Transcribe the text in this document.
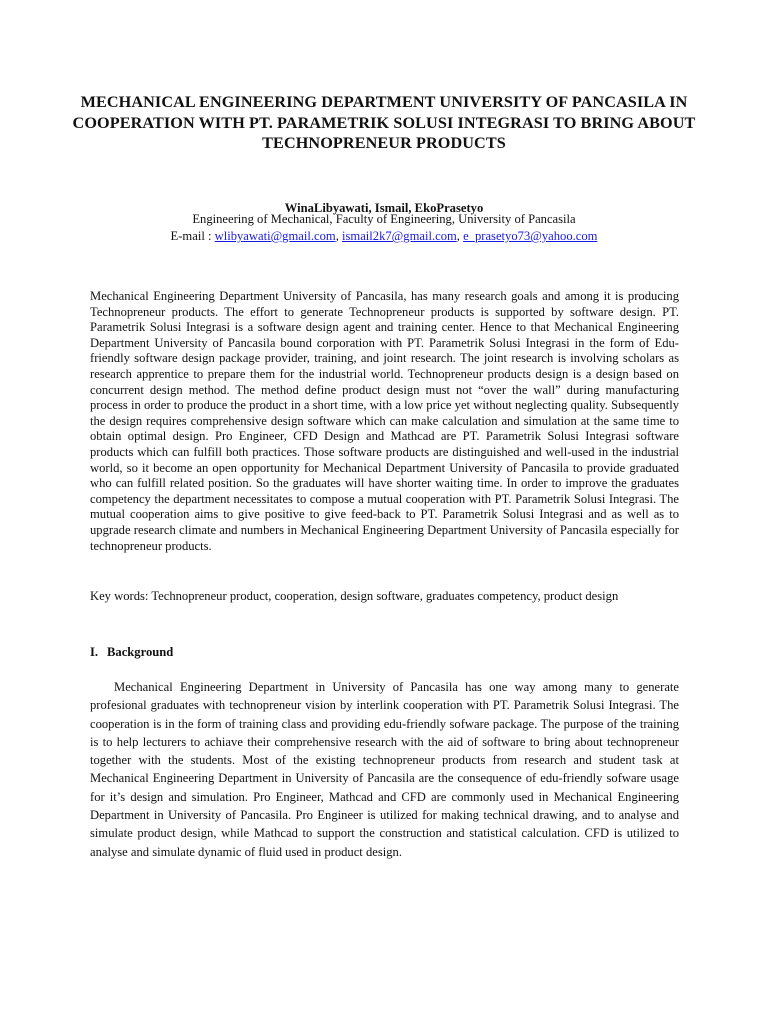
MECHANICAL ENGINEERING DEPARTMENT UNIVERSITY OF PANCASILA IN COOPERATION WITH PT. PARAMETRIK SOLUSI INTEGRASI TO BRING ABOUT TECHNOPRENEUR PRODUCTS

WinaLibyawati, Ismail, EkoPrasetyo

Engineering of Mechanical, Faculty of Engineering, University of Pancasila

E-mail : wlibyawati@gmail.com, ismail2k7@gmail.com, e_prasetyo73@yahoo.com

Mechanical Engineering Department University of Pancasila, has many research goals and among it is producing Technopreneur products. The effort to generate Technopreneur products is supported by software design. PT. Parametrik Solusi Integrasi is a software design agent and training center. Hence to that Mechanical Engineering Department University of Pancasila bound corporation with PT. Parametrik Solusi Integrasi in the form of Edu-friendly software design package provider, training, and joint research. The joint research is involving scholars as research apprentice to prepare them for the industrial world. Technopreneur products design is a design based on concurrent design method. The method define product design must not “over the wall” during manufacturing process in order to produce the product in a short time, with a low price yet without neglecting quality. Subsequently the design requires comprehensive design software which can make calculation and simulation at the same time to obtain optimal design. Pro Engineer, CFD Design and Mathcad are PT. Parametrik Solusi Integrasi software products which can fulfill both practices. Those software products are distinguished and well-used in the industrial world, so it become an open opportunity for Mechanical Department University of Pancasila to provide graduated who can fulfill related position. So the graduates will have shorter waiting time. In order to improve the graduates competency the department necessitates to compose a mutual cooperation with PT. Parametrik Solusi Integrasi. The mutual cooperation aims to give positive to give feed-back to PT. Parametrik Solusi Integrasi and as well as to upgrade research climate and numbers in Mechanical Engineering Department University of Pancasila especially for technopreneur products.

Key words: Technopreneur product, cooperation, design software, graduates competency, product design

I. Background

Mechanical Engineering Department in University of Pancasila has one way among many to generate profesional graduates with technopreneur vision by interlink cooperation with PT. Parametrik Solusi Integrasi. The cooperation is in the form of training class and providing edu-friendly sofware package. The purpose of the training is to help lecturers to achiave their comprehensive research with the aid of software to bring about technopreneur together with the students. Most of the existing technopreneur products from research and student task at Mechanical Engineering Department in University of Pancasila are the consequence of edu-friendly sofware usage for it’s design and simulation. Pro Engineer, Mathcad and CFD are commonly used in Mechanical Engineering Department in University of Pancasila. Pro Engineer is utilized for making technical drawing, and to analyse and simulate product design, while Mathcad to support the construction and statistical calculation. CFD is utilized to analyse and simulate dynamic of fluid used in product design.
